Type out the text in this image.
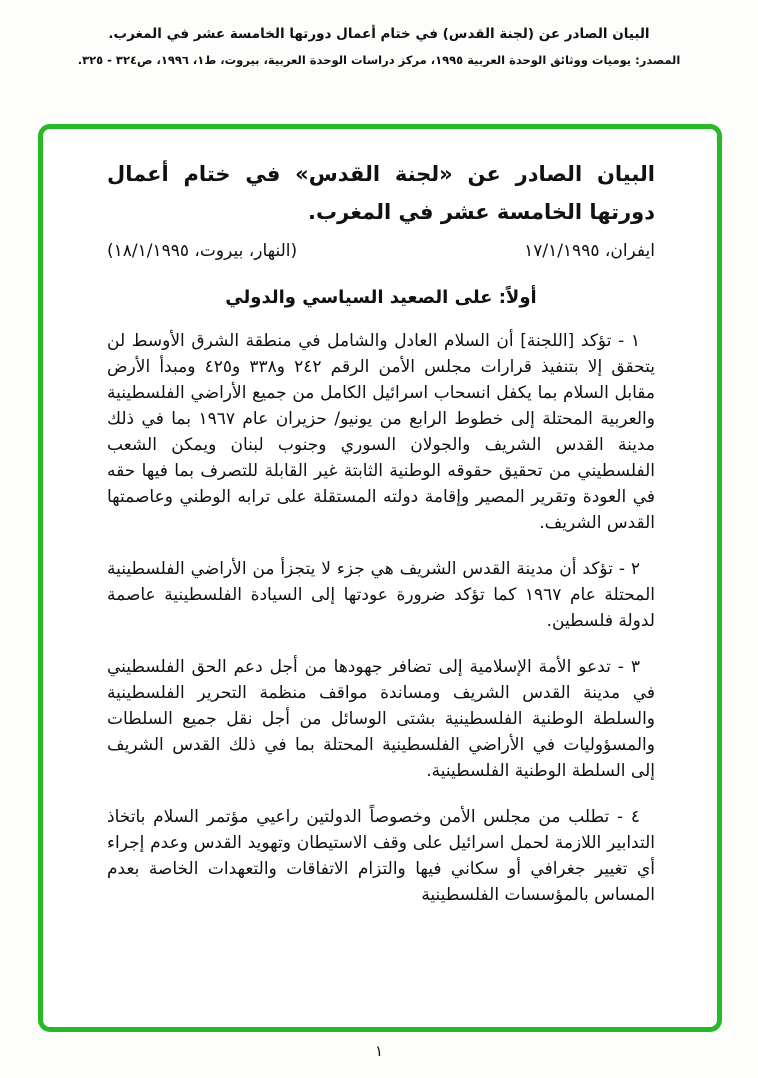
البيان الصادر عن (لجنة القدس) في ختام أعمال دورتها الخامسة عشر في المغرب.
المصدر: يوميات ووثائق الوحدة العربية ١٩٩٥، مركز دراسات الوحدة العربية، بيروت، ط١، ١٩٩٦، ص٣٢٤ - ٣٢٥.
البيان الصادر عن «لجنة القدس» في ختام أعمال دورتها الخامسة عشر في المغرب.
ايفران، ١٧/١/١٩٩٥
(النهار، بيروت، ١٨/١/١٩٩٥)
أولاً: على الصعيد السياسي والدولي

١ - تؤكد [اللجنة] أن السلام العادل والشامل في منطقة الشرق الأوسط لن يتحقق إلا بتنفيذ قرارات مجلس الأمن الرقم ٢٤٢ و٣٣٨ و٤٢٥ ومبدأ الأرض مقابل السلام بما يكفل انسحاب اسرائيل الكامل من جميع الأراضي الفلسطينية والعربية المحتلة إلى خطوط الرابع من يونيو/ حزيران عام ١٩٦٧ بما في ذلك مدينة القدس الشريف والجولان السوري وجنوب لبنان ويمكن الشعب الفلسطيني من تحقيق حقوقه الوطنية الثابتة غير القابلة للتصرف بما فيها حقه في العودة وتقرير المصير وإقامة دولته المستقلة على ترابه الوطني وعاصمتها القدس الشريف.

٢ - تؤكد أن مدينة القدس الشريف هي جزء لا يتجزأ من الأراضي الفلسطينية المحتلة عام ١٩٦٧ كما تؤكد ضرورة عودتها إلى السيادة الفلسطينية عاصمة لدولة فلسطين.

٣ - تدعو الأمة الإسلامية إلى تضافر جهودها من أجل دعم الحق الفلسطيني في مدينة القدس الشريف ومساندة مواقف منظمة التحرير الفلسطينية والسلطة الوطنية الفلسطينية بشتى الوسائل من أجل نقل جميع السلطات والمسؤوليات في الأراضي الفلسطينية المحتلة بما في ذلك القدس الشريف إلى السلطة الوطنية الفلسطينية.

٤ - تطلب من مجلس الأمن وخصوصاً الدولتين راعيي مؤتمر السلام باتخاذ التدابير اللازمة لحمل اسرائيل على وقف الاستيطان وتهويد القدس وعدم إجراء أي تغيير جغرافي أو سكاني فيها والتزام الاتفاقات والتعهدات الخاصة بعدم المساس بالمؤسسات الفلسطينية

١
